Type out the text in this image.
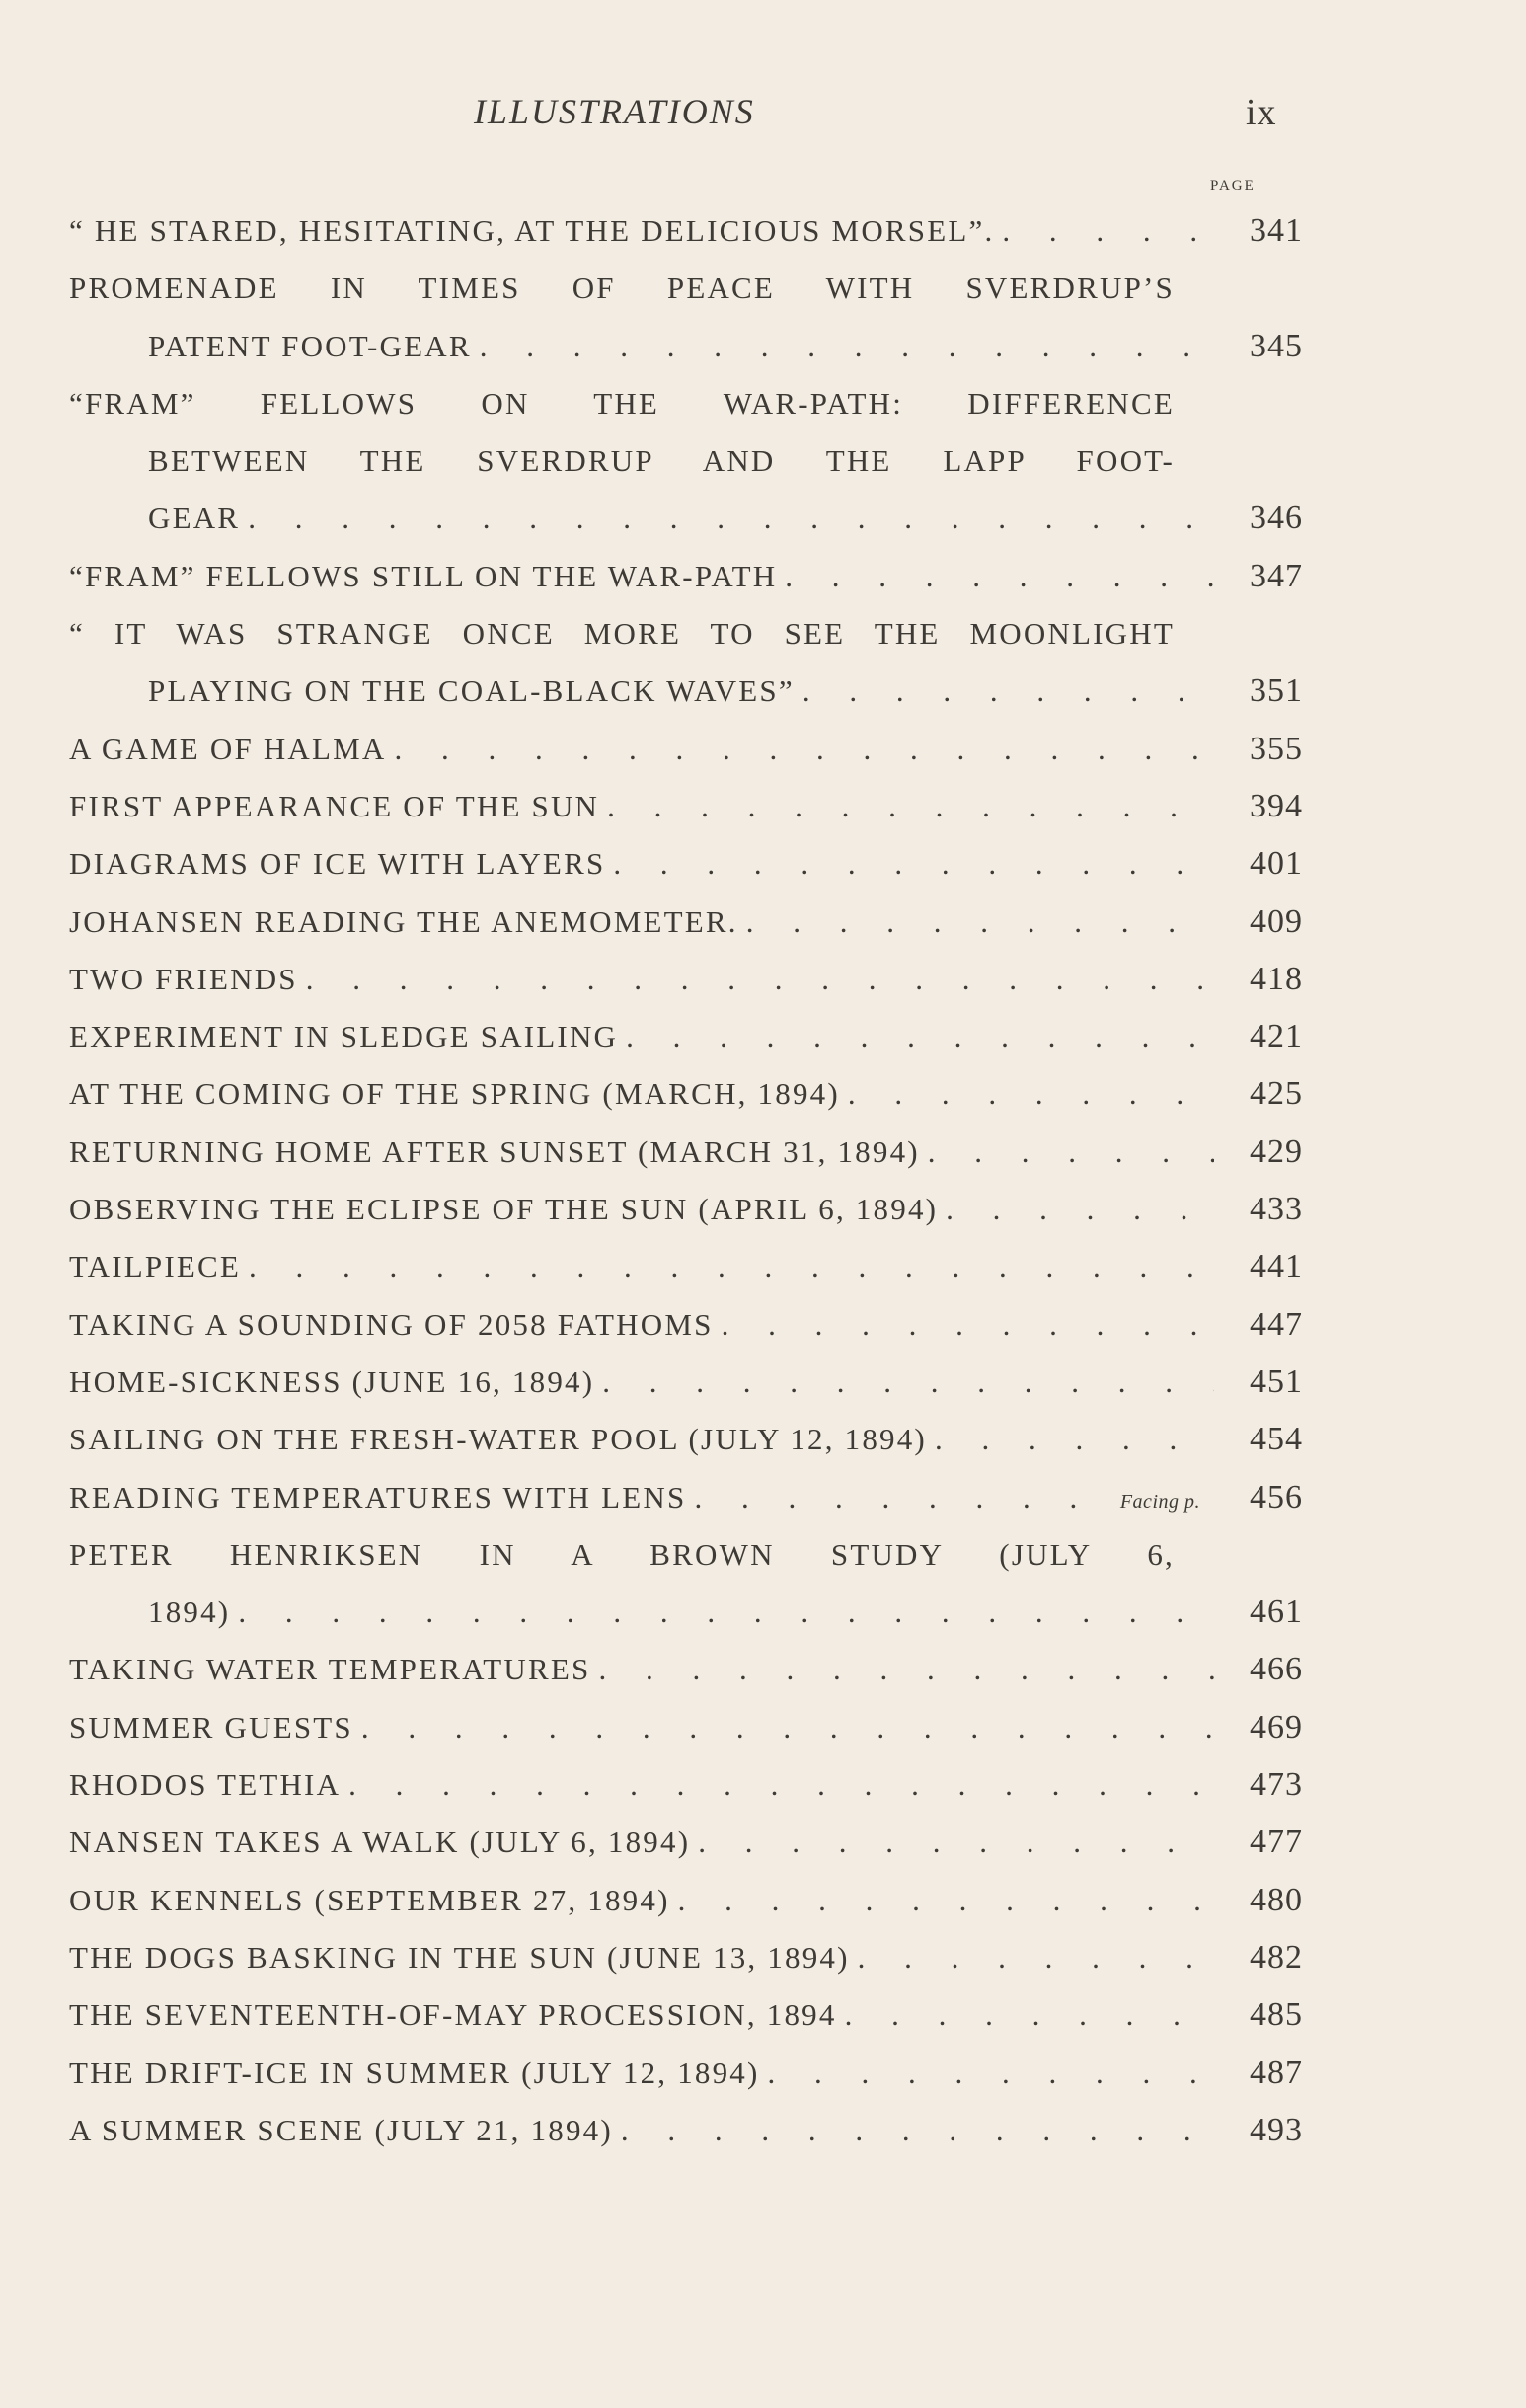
ILLUSTRATIONS	ix
PAGE
“ HE STARED, HESITATING, AT THE DELICIOUS MORSEL”. . . .	341
PROMENADE IN TIMES OF PEACE WITH SVERDRUP’S
PATENT FOOT-GEAR . . .	345
“FRAM” FELLOWS ON THE WAR-PATH: DIFFERENCE
BETWEEN THE SVERDRUP AND THE LAPP FOOT-
GEAR . . .	346
“FRAM” FELLOWS STILL ON THE WAR-PATH . . .	347
“ IT WAS STRANGE ONCE MORE TO SEE THE MOONLIGHT
PLAYING ON THE COAL-BLACK WAVES” . . .	351
A GAME OF HALMA . . .	355
FIRST APPEARANCE OF THE SUN . . .	394
DIAGRAMS OF ICE WITH LAYERS . . .	401
JOHANSEN READING THE ANEMOMETER. . . .	409
TWO FRIENDS . . .	418
EXPERIMENT IN SLEDGE SAILING . . .	421
AT THE COMING OF THE SPRING (MARCH, 1894) . . .	425
RETURNING HOME AFTER SUNSET (MARCH 31, 1894) . . .	429
OBSERVING THE ECLIPSE OF THE SUN (APRIL 6, 1894) . . .	433
TAILPIECE . . .	441
TAKING A SOUNDING OF 2058 FATHOMS . . .	447
HOME-SICKNESS (JUNE 16, 1894) . . .	451
SAILING ON THE FRESH-WATER POOL (JULY 12, 1894) . . .	454
READING TEMPERATURES WITH LENS . . .	Facing p.	456
PETER HENRIKSEN IN A BROWN STUDY (JULY 6,
1894) . . .	461
TAKING WATER TEMPERATURES . . .	466
SUMMER GUESTS . . .	469
RHODOS TETHIA . . .	473
NANSEN TAKES A WALK (JULY 6, 1894) . . .	477
OUR KENNELS (SEPTEMBER 27, 1894) . . .	480
THE DOGS BASKING IN THE SUN (JUNE 13, 1894) . . .	482
THE SEVENTEENTH-OF-MAY PROCESSION, 1894 . . .	485
THE DRIFT-ICE IN SUMMER (JULY 12, 1894) . . .	487
A SUMMER SCENE (JULY 21, 1894) . . .	493
